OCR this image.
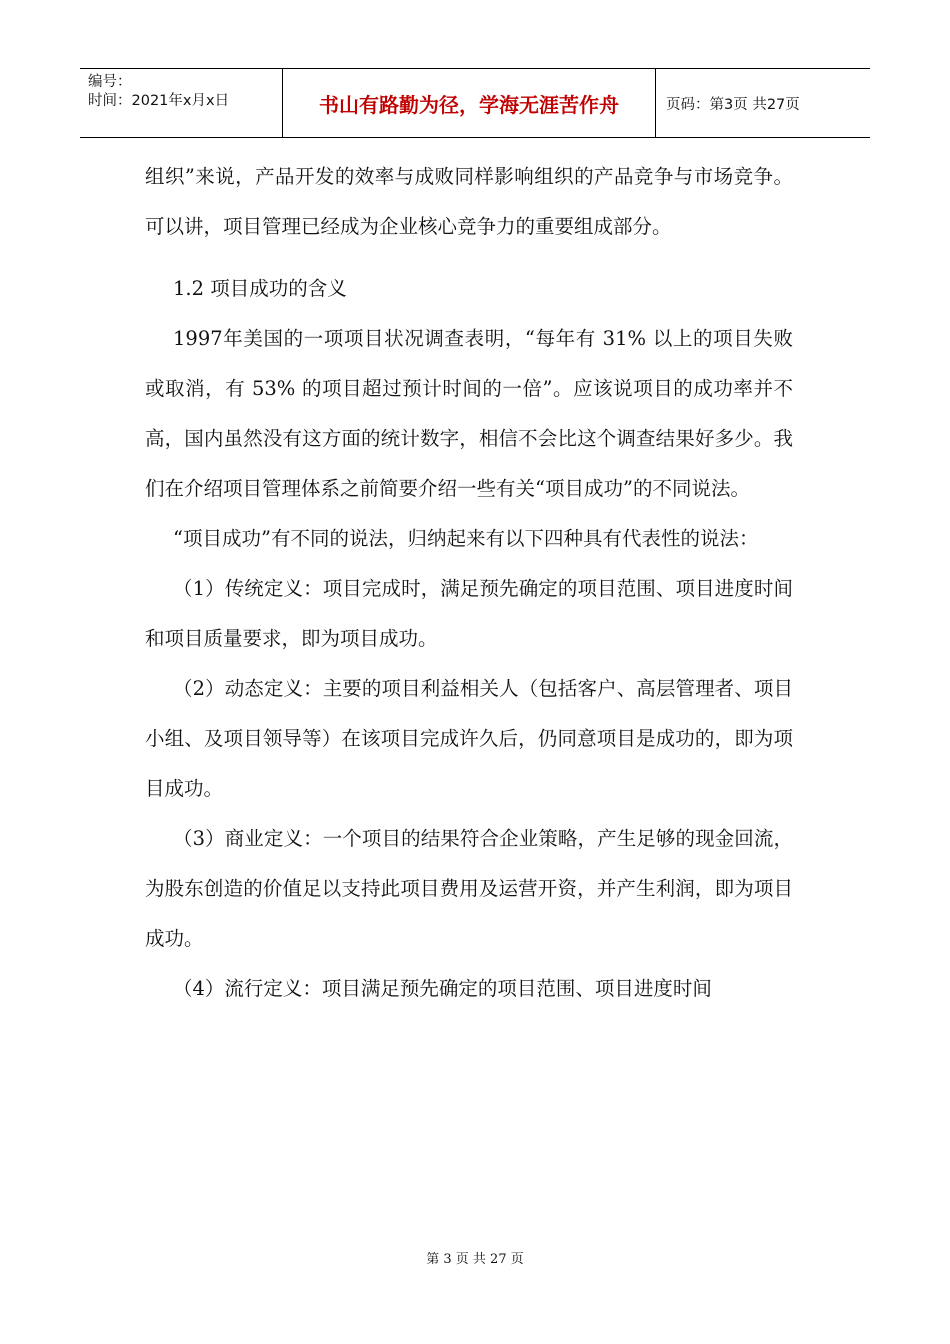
编号：
时间：2021年x月x日	书山有路勤为径，学海无涯苦作舟	页码：第3页 共27页

组织”来说，产品开发的效率与成败同样影响组织的产品竞争与市场竞争。可以讲，项目管理已经成为企业核心竞争力的重要组成部分。

1.2 项目成功的含义

1997年美国的一项项目状况调查表明，“每年有 31% 以上的项目失败或取消，有 53% 的项目超过预计时间的一倍”。应该说项目的成功率并不高，国内虽然没有这方面的统计数字，相信不会比这个调查结果好多少。我们在介绍项目管理体系之前简要介绍一些有关“项目成功”的不同说法。

“项目成功”有不同的说法，归纳起来有以下四种具有代表性的说法：

（1）传统定义：项目完成时，满足预先确定的项目范围、项目进度时间和项目质量要求，即为项目成功。

（2）动态定义：主要的项目利益相关人（包括客户、高层管理者、项目小组、及项目领导等）在该项目完成许久后，仍同意项目是成功的，即为项目成功。

（3）商业定义：一个项目的结果符合企业策略，产生足够的现金回流，为股东创造的价值足以支持此项目费用及运营开资，并产生利润，即为项目成功。

（4）流行定义：项目满足预先确定的项目范围、项目进度时间

第 3 页 共 27 页
